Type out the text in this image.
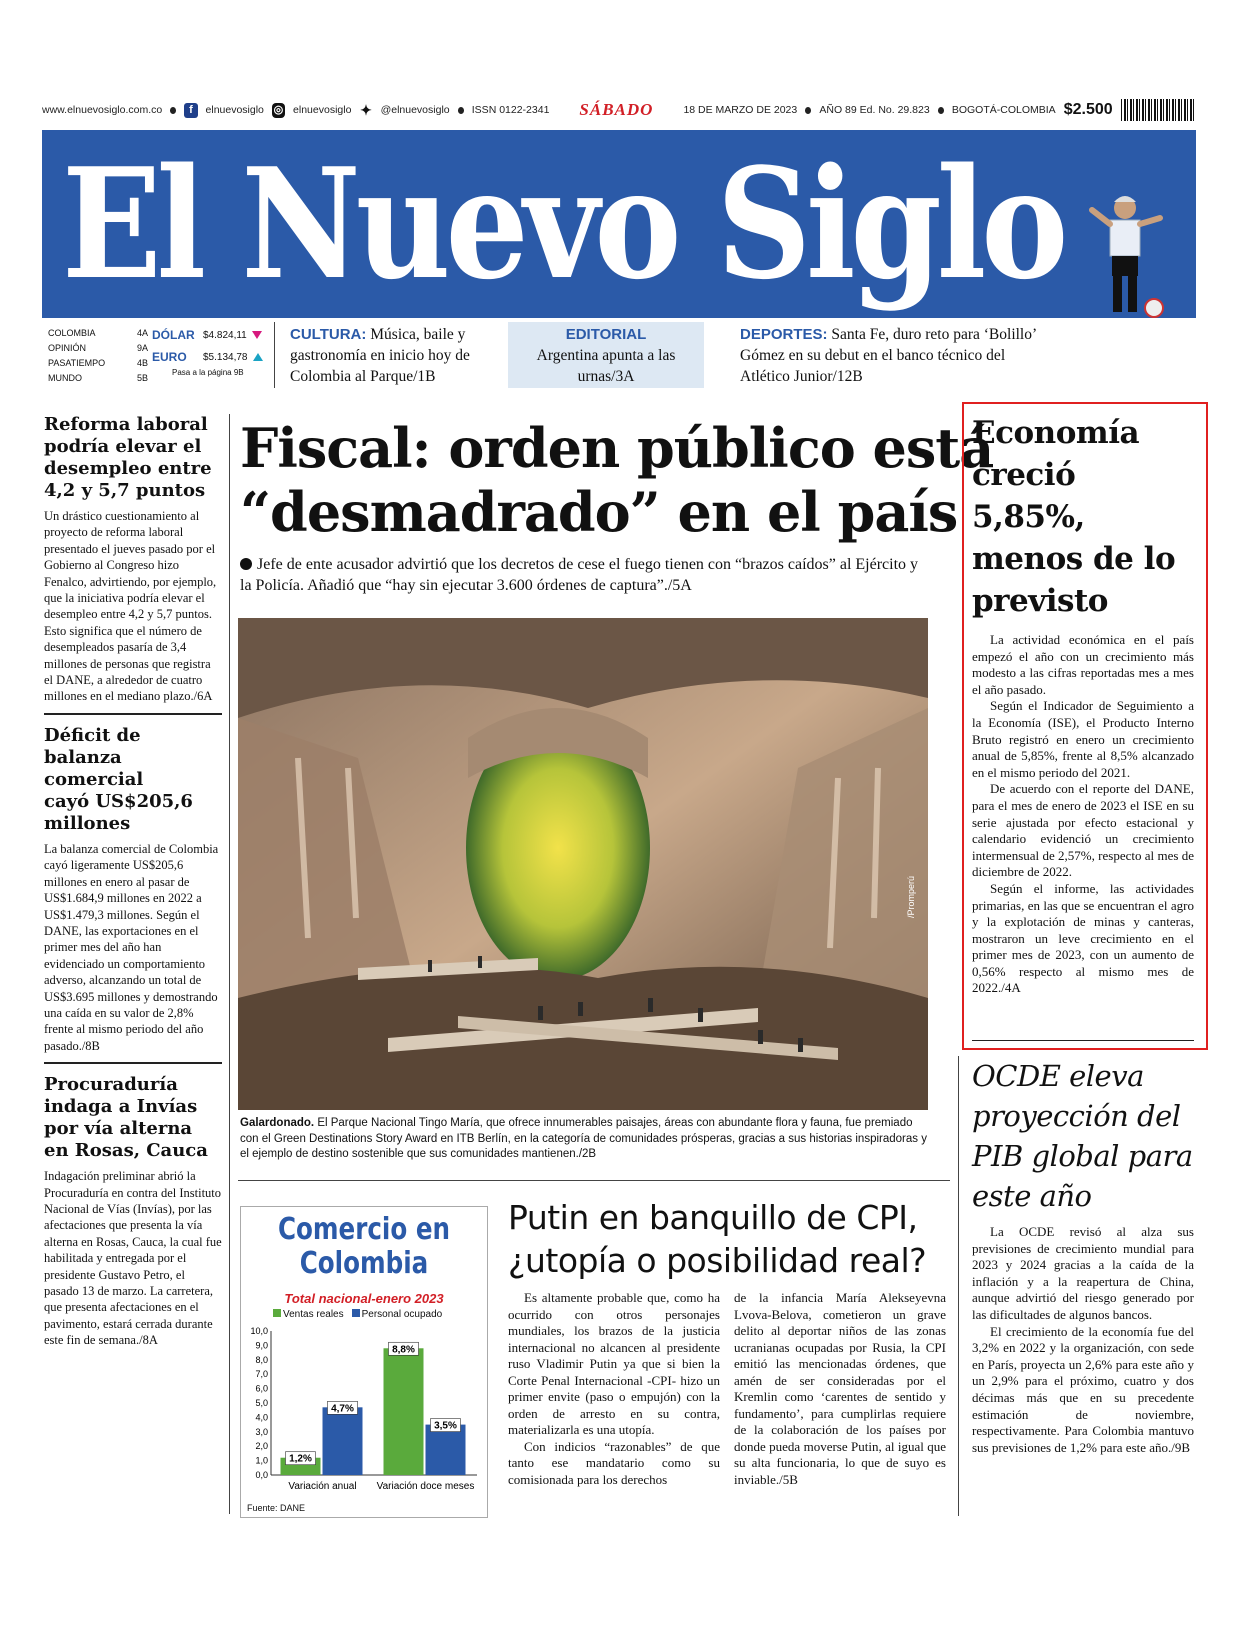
www.elnuevosiglo.com.co	f	elnuevosiglo ◎ elnuevosiglo ✦ @elnuevosiglo ISSN 0122-2341 SÁBADO	18 DE MARZO DE 2023 AÑO 89 Ed. No. 29.823 BOGOTÁ-COLOMBIA $2.500
El Nuevo Siglo
COLOMBIA	4A
OPINIÓN	9A
PASATIEMPO	4B
MUNDO	5B
DÓLAR $4.824,11
EURO	$5.134,78
Pasa a la página 9B
CULTURA: Música, baile y gastronomía en inicio hoy de Colombia al Parque/1B
EDITORIAL
Argentina apunta a las urnas/3A
DEPORTES: Santa Fe, duro reto para ‘Bolillo’ Gómez en su debut en el banco técnico del Atlético Junior/12B
Reforma laboral podría elevar el desempleo entre 4,2 y 5,7 puntos
Un drástico cuestionamiento al proyecto de reforma laboral presentado el jueves pasado por el Gobierno al Congreso hizo Fenalco, advirtiendo, por ejemplo, que la iniciativa podría elevar el desempleo entre 4,2 y 5,7 puntos. Esto significa que el número de desempleados pasaría de 3,4 millones de personas que registra el DANE, a alrededor de cuatro millones en el mediano plazo./6A
Déficit de balanza comercial cayó US$205,6 millones
La balanza comercial de Colombia cayó ligeramente US$205,6 millones en enero al pasar de US$1.684,9 millones en 2022 a US$1.479,3 millones. Según el DANE, las exportaciones en el primer mes del año han evidenciado un comportamiento adverso, alcanzando un total de US$3.695 millones y demostrando una caída en su valor de 2,8% frente al mismo periodo del año pasado./8B
Procuraduría indaga a Invías por vía alterna en Rosas, Cauca
Indagación preliminar abrió la Procuraduría en contra del Instituto Nacional de Vías (Invías), por las afectaciones que presenta la vía alterna en Rosas, Cauca, la cual fue habilitada y entregada por el presidente Gustavo Petro, el pasado 13 de marzo. La carretera, que presenta afectaciones en el pavimento, estará cerrada durante este fin de semana./8A
Fiscal: orden público está
“desmadrado” en el país
Jefe de ente acusador advirtió que los decretos de cese el fuego tienen con “brazos caídos” al Ejército y la Policía. Añadió que “hay sin ejecutar 3.600 órdenes de captura”./5A
/Promperú
Galardonado. El Parque Nacional Tingo María, que ofrece innumerables paisajes, áreas con abundante flora y fauna, fue premiado con el Green Destinations Story Award en ITB Berlín, en la categoría de comunidades prósperas, gracias a sus historias inspiradoras y el ejemplo de destino sostenible que sus comunidades mantienen./2B
Economía creció 5,85%, menos de lo previsto

La actividad económica en el país empezó el año con un crecimiento más modesto a las cifras reportadas mes a mes el año pasado.

Según el Indicador de Seguimiento a la Economía (ISE), el Producto Interno Bruto registró en enero un crecimiento anual de 5,85%, frente al 8,5% alcanzado en el mismo periodo del 2021.

De acuerdo con el reporte del DANE, para el mes de enero de 2023 el ISE en su serie ajustada por efecto estacional y calendario evidenció un crecimiento intermensual de 2,57%, respecto al mes de diciembre de 2022.

Según el informe, las actividades primarias, en las que se encuentran el agro y la explotación de minas y canteras, mostraron un leve crecimiento en el primer mes de 2023, con un aumento de 0,56% respecto al mismo mes de 2022./4A

OCDE eleva proyección del PIB global para este año

La OCDE revisó al alza sus previsiones de crecimiento mundial para 2023 y 2024 gracias a la caída de la inflación y a la reapertura de China, aunque advirtió del riesgo generado por las dificultades de algunos bancos.

El crecimiento de la economía fue del 3,2% en 2022 y la organización, con sede en París, proyecta un 2,6% para este año y un 2,9% para el próximo, cuatro y dos décimas más que en su precedente estimación de noviembre, respectivamente. Para Colombia mantuvo sus previsiones de 1,2% para este año./9B

Comercio en Colombia
Total nacional-enero 2023
Ventas reales	Personal ocupado
0,0
1,0
2,0
3,0
4,0
5,0
6,0
7,0
8,0
9,0
10,0
1,2%
4,7%
Variación anual
8,8%
3,5%
Variación doce meses
Fuente: DANE
Putin en banquillo de CPI,
¿utopía o posibilidad real?

Es altamente probable que, como ha ocurrido con otros personajes mundiales, los brazos de la justicia internacional no alcancen al presidente ruso Vladimir Putin ya que si bien la Corte Penal Internacional -CPI- hizo un primer envite (paso o empujón) con la orden de arresto en su contra, materializarla es una utopía.

Con indicios “razonables” de que tanto ese mandatario como su comisionada para los derechos

de la infancia María Alekseyevna Lvova-Belova, cometieron un grave delito al deportar niños de las zonas ucranianas ocupadas por Rusia, la CPI emitió las mencionadas órdenes, que amén de ser consideradas por el Kremlin como ‘carentes de sentido y fundamento’, para cumplirlas requiere de la colaboración de los países por donde pueda moverse Putin, al igual que su alta funcionaria, lo que de suyo es inviable./5B
